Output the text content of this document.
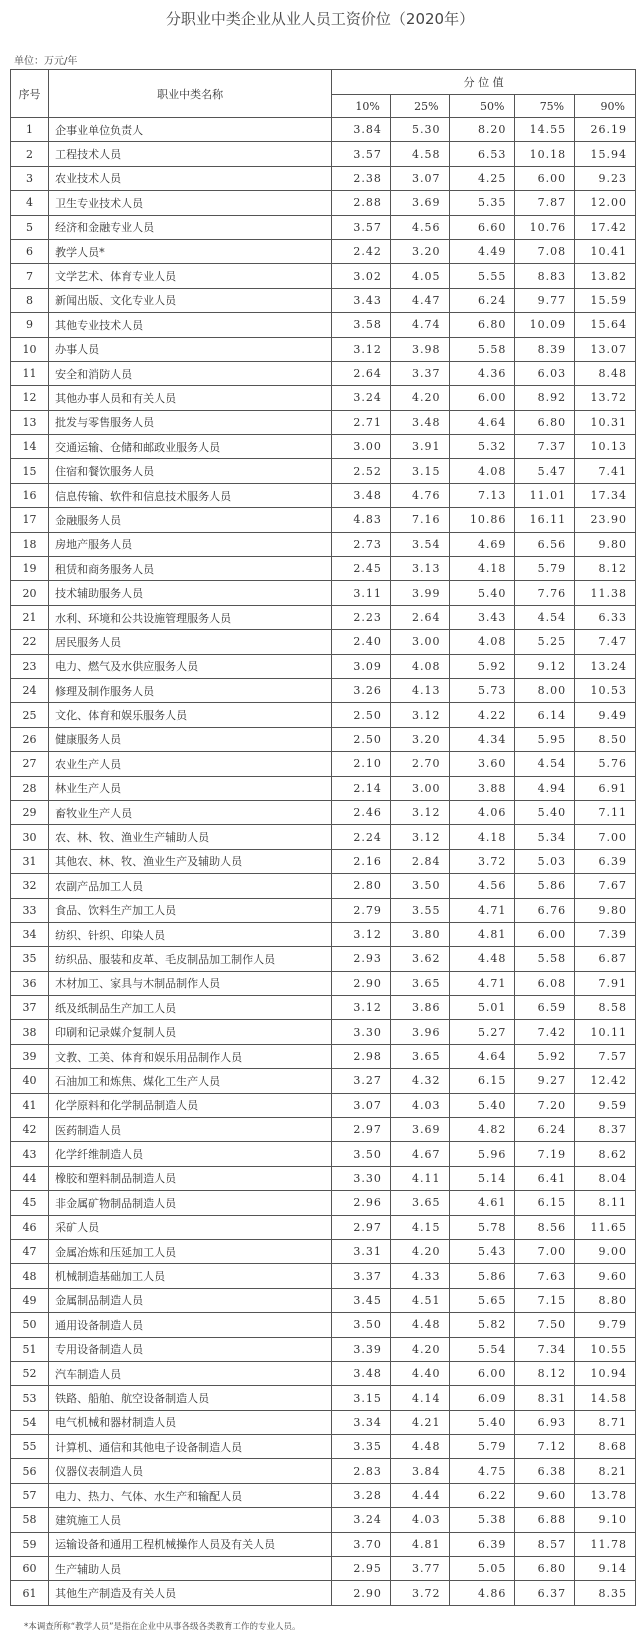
分职业中类企业从业人员工资价位（2020年）
单位：万元/年
序号	职业中类名称	分 位 值				
		10%	25%	50%	75%	90%
1	企事业单位负责人	3.84	5.30	8.20	14.55	26.19
2	工程技术人员	3.57	4.58	6.53	10.18	15.94
3	农业技术人员	2.38	3.07	4.25	6.00	9.23
4	卫生专业技术人员	2.88	3.69	5.35	7.87	12.00
5	经济和金融专业人员	3.57	4.56	6.60	10.76	17.42
6	教学人员*	2.42	3.20	4.49	7.08	10.41
7	文学艺术、体育专业人员	3.02	4.05	5.55	8.83	13.82
8	新闻出版、文化专业人员	3.43	4.47	6.24	9.77	15.59
9	其他专业技术人员	3.58	4.74	6.80	10.09	15.64
10	办事人员	3.12	3.98	5.58	8.39	13.07
11	安全和消防人员	2.64	3.37	4.36	6.03	8.48
12	其他办事人员和有关人员	3.24	4.20	6.00	8.92	13.72
13	批发与零售服务人员	2.71	3.48	4.64	6.80	10.31
14	交通运输、仓储和邮政业服务人员	3.00	3.91	5.32	7.37	10.13
15	住宿和餐饮服务人员	2.52	3.15	4.08	5.47	7.41
16	信息传输、软件和信息技术服务人员	3.48	4.76	7.13	11.01	17.34
17	金融服务人员	4.83	7.16	10.86	16.11	23.90
18	房地产服务人员	2.73	3.54	4.69	6.56	9.80
19	租赁和商务服务人员	2.45	3.13	4.18	5.79	8.12
20	技术辅助服务人员	3.11	3.99	5.40	7.76	11.38
21	水利、环境和公共设施管理服务人员	2.23	2.64	3.43	4.54	6.33
22	居民服务人员	2.40	3.00	4.08	5.25	7.47
23	电力、燃气及水供应服务人员	3.09	4.08	5.92	9.12	13.24
24	修理及制作服务人员	3.26	4.13	5.73	8.00	10.53
25	文化、体育和娱乐服务人员	2.50	3.12	4.22	6.14	9.49
26	健康服务人员	2.50	3.20	4.34	5.95	8.50
27	农业生产人员	2.10	2.70	3.60	4.54	5.76
28	林业生产人员	2.14	3.00	3.88	4.94	6.91
29	畜牧业生产人员	2.46	3.12	4.06	5.40	7.11
30	农、林、牧、渔业生产辅助人员	2.24	3.12	4.18	5.34	7.00
31	其他农、林、牧、渔业生产及辅助人员	2.16	2.84	3.72	5.03	6.39
32	农副产品加工人员	2.80	3.50	4.56	5.86	7.67
33	食品、饮料生产加工人员	2.79	3.55	4.71	6.76	9.80
34	纺织、针织、印染人员	3.12	3.80	4.81	6.00	7.39
35	纺织品、服装和皮革、毛皮制品加工制作人员	2.93	3.62	4.48	5.58	6.87
36	木材加工、家具与木制品制作人员	2.90	3.65	4.71	6.08	7.91
37	纸及纸制品生产加工人员	3.12	3.86	5.01	6.59	8.58
38	印刷和记录媒介复制人员	3.30	3.96	5.27	7.42	10.11
39	文教、工美、体育和娱乐用品制作人员	2.98	3.65	4.64	5.92	7.57
40	石油加工和炼焦、煤化工生产人员	3.27	4.32	6.15	9.27	12.42
41	化学原料和化学制品制造人员	3.07	4.03	5.40	7.20	9.59
42	医药制造人员	2.97	3.69	4.82	6.24	8.37
43	化学纤维制造人员	3.50	4.67	5.96	7.19	8.62
44	橡胶和塑料制品制造人员	3.30	4.11	5.14	6.41	8.04
45	非金属矿物制品制造人员	2.96	3.65	4.61	6.15	8.11
46	采矿人员	2.97	4.15	5.78	8.56	11.65
47	金属冶炼和压延加工人员	3.31	4.20	5.43	7.00	9.00
48	机械制造基础加工人员	3.37	4.33	5.86	7.63	9.60
49	金属制品制造人员	3.45	4.51	5.65	7.15	8.80
50	通用设备制造人员	3.50	4.48	5.82	7.50	9.79
51	专用设备制造人员	3.39	4.20	5.54	7.34	10.55
52	汽车制造人员	3.48	4.40	6.00	8.12	10.94
53	铁路、船舶、航空设备制造人员	3.15	4.14	6.09	8.31	14.58
54	电气机械和器材制造人员	3.34	4.21	5.40	6.93	8.71
55	计算机、通信和其他电子设备制造人员	3.35	4.48	5.79	7.12	8.68
56	仪器仪表制造人员	2.83	3.84	4.75	6.38	8.21
57	电力、热力、气体、水生产和输配人员	3.28	4.44	6.22	9.60	13.78
58	建筑施工人员	3.24	4.03	5.38	6.88	9.10
59	运输设备和通用工程机械操作人员及有关人员	3.70	4.81	6.39	8.57	11.78
60	生产辅助人员	2.95	3.77	5.05	6.80	9.14
61	其他生产制造及有关人员	2.90	3.72	4.86	6.37	8.35
*本调查所称“教学人员”是指在企业中从事各级各类教育工作的专业人员。
